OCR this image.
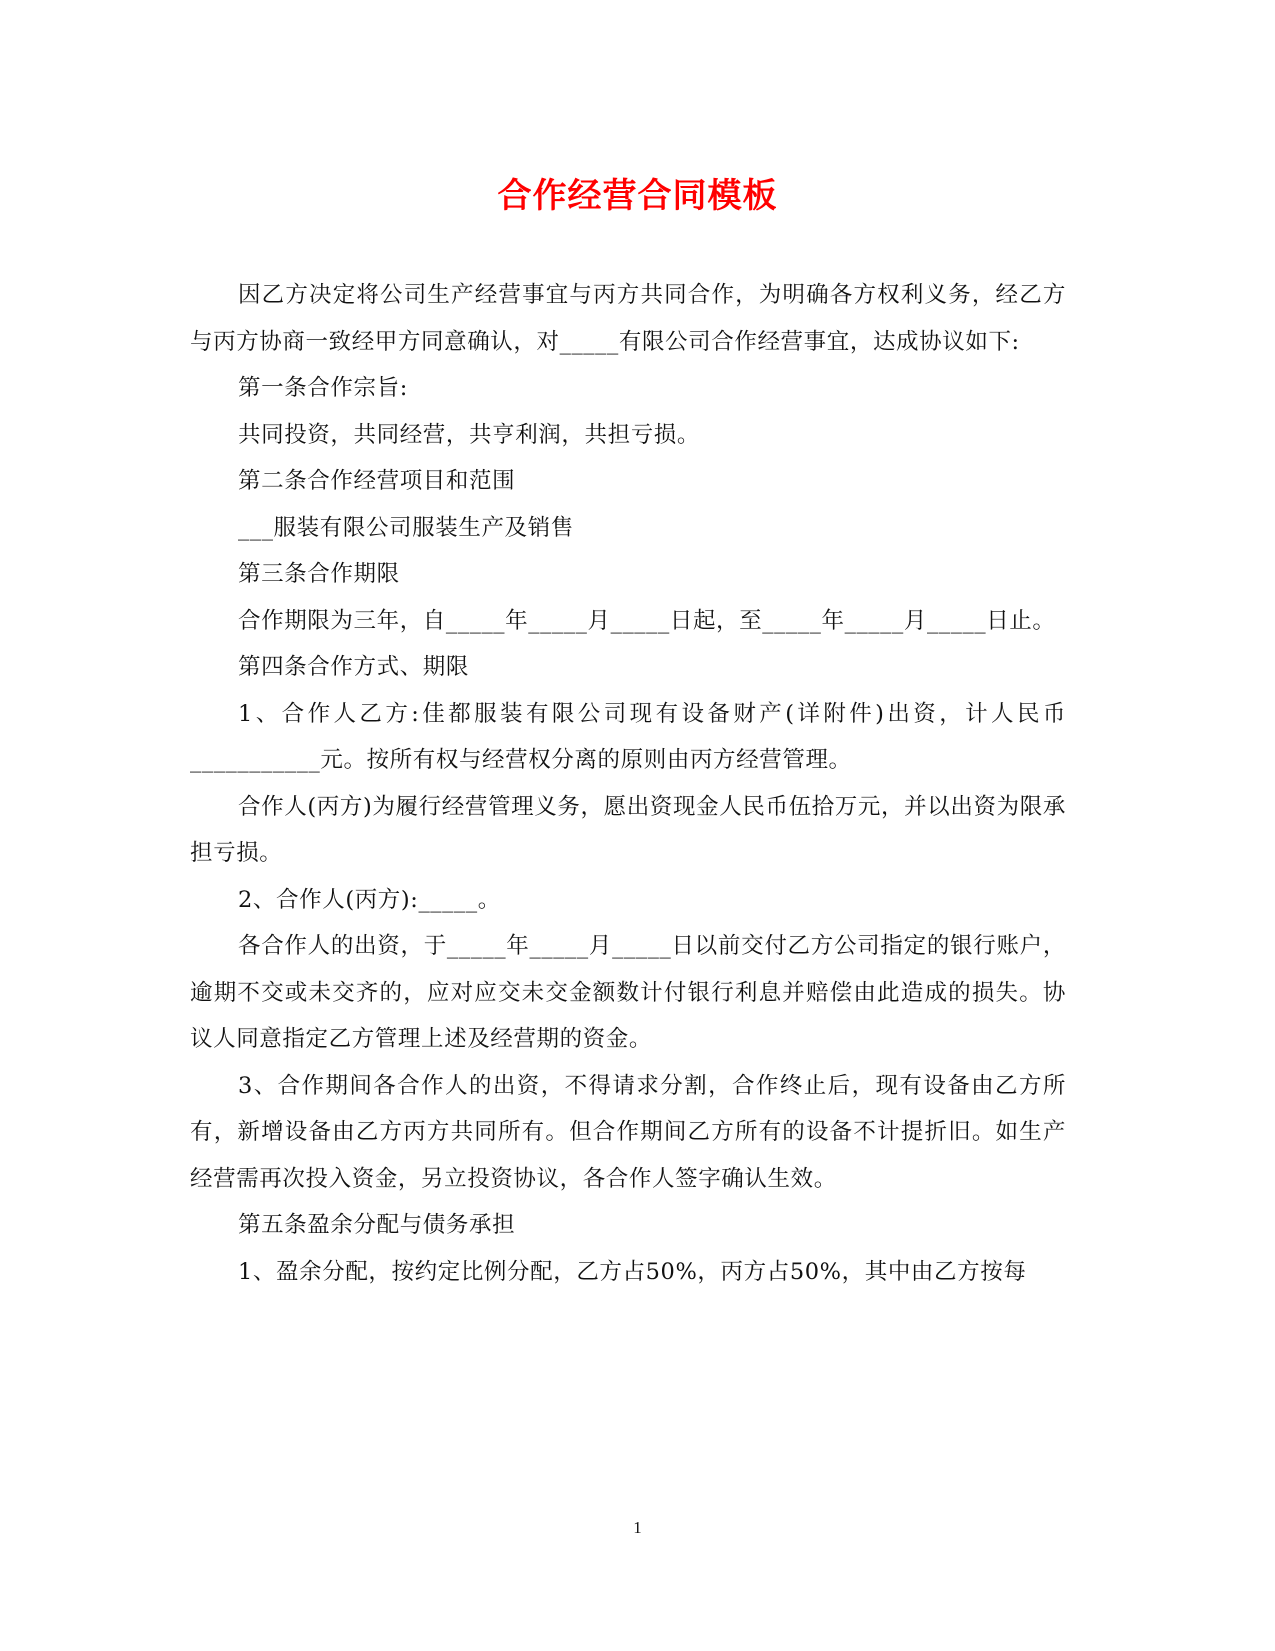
合作经营合同模板

因乙方决定将公司生产经营事宜与丙方共同合作，为明确各方权利义务，经乙方与丙方协商一致经甲方同意确认，对_____有限公司合作经营事宜，达成协议如下:

第一条合作宗旨:

共同投资，共同经营，共亨利润，共担亏损。

第二条合作经营项目和范围

___服装有限公司服装生产及销售

第三条合作期限

合作期限为三年，自_____年_____月_____日起，至_____年_____月_____日止。

第四条合作方式、期限

1、合作人乙方:佳都服装有限公司现有设备财产(详附件)出资，计人民币___________元。按所有权与经营权分离的原则由丙方经营管理。

合作人(丙方)为履行经营管理义务，愿出资现金人民币伍拾万元，并以出资为限承担亏损。

2、合作人(丙方):_____。

各合作人的出资，于_____年_____月_____日以前交付乙方公司指定的银行账户，逾期不交或未交齐的，应对应交未交金额数计付银行利息并赔偿由此造成的损失。协议人同意指定乙方管理上述及经营期的资金。

3、合作期间各合作人的出资，不得请求分割，合作终止后，现有设备由乙方所有，新增设备由乙方丙方共同所有。但合作期间乙方所有的设备不计提折旧。如生产经营需再次投入资金，另立投资协议，各合作人签字确认生效。

第五条盈余分配与债务承担

1、盈余分配，按约定比例分配，乙方占50%，丙方占50%，其中由乙方按每

1
